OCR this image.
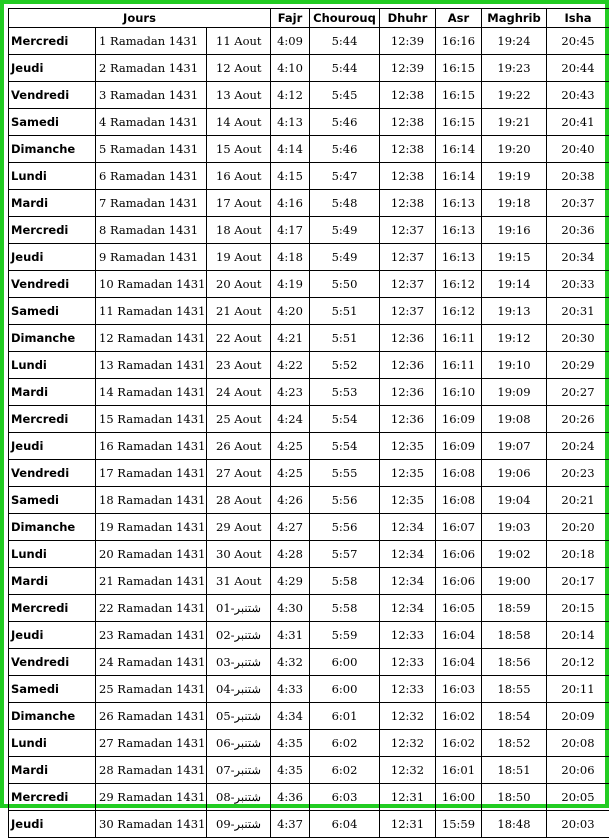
Jours			Fajr	Chourouq	Dhuhr	Asr	Maghrib	Isha
Mercredi	1 Ramadan 1431	11 Aout	4:09	5:44	12:39	16:16	19:24	20:45
Jeudi	2 Ramadan 1431	12 Aout	4:10	5:44	12:39	16:15	19:23	20:44
Vendredi	3 Ramadan 1431	13 Aout	4:12	5:45	12:38	16:15	19:22	20:43
Samedi	4 Ramadan 1431	14 Aout	4:13	5:46	12:38	16:15	19:21	20:41
Dimanche	5 Ramadan 1431	15 Aout	4:14	5:46	12:38	16:14	19:20	20:40
Lundi	6 Ramadan 1431	16 Aout	4:15	5:47	12:38	16:14	19:19	20:38
Mardi	7 Ramadan 1431	17 Aout	4:16	5:48	12:38	16:13	19:18	20:37
Mercredi	8 Ramadan 1431	18 Aout	4:17	5:49	12:37	16:13	19:16	20:36
Jeudi	9 Ramadan 1431	19 Aout	4:18	5:49	12:37	16:13	19:15	20:34
Vendredi	10 Ramadan 1431	20 Aout	4:19	5:50	12:37	16:12	19:14	20:33
Samedi	11 Ramadan 1431	21 Aout	4:20	5:51	12:37	16:12	19:13	20:31
Dimanche	12 Ramadan 1431	22 Aout	4:21	5:51	12:36	16:11	19:12	20:30
Lundi	13 Ramadan 1431	23 Aout	4:22	5:52	12:36	16:11	19:10	20:29
Mardi	14 Ramadan 1431	24 Aout	4:23	5:53	12:36	16:10	19:09	20:27
Mercredi	15 Ramadan 1431	25 Aout	4:24	5:54	12:36	16:09	19:08	20:26
Jeudi	16 Ramadan 1431	26 Aout	4:25	5:54	12:35	16:09	19:07	20:24
Vendredi	17 Ramadan 1431	27 Aout	4:25	5:55	12:35	16:08	19:06	20:23
Samedi	18 Ramadan 1431	28 Aout	4:26	5:56	12:35	16:08	19:04	20:21
Dimanche	19 Ramadan 1431	29 Aout	4:27	5:56	12:34	16:07	19:03	20:20
Lundi	20 Ramadan 1431	30 Aout	4:28	5:57	12:34	16:06	19:02	20:18
Mardi	21 Ramadan 1431	31 Aout	4:29	5:58	12:34	16:06	19:00	20:17
Mercredi	22 Ramadan 1431	شتنبر-01	4:30	5:58	12:34	16:05	18:59	20:15
Jeudi	23 Ramadan 1431	شتنبر-02	4:31	5:59	12:33	16:04	18:58	20:14
Vendredi	24 Ramadan 1431	شتنبر-03	4:32	6:00	12:33	16:04	18:56	20:12
Samedi	25 Ramadan 1431	شتنبر-04	4:33	6:00	12:33	16:03	18:55	20:11
Dimanche	26 Ramadan 1431	شتنبر-05	4:34	6:01	12:32	16:02	18:54	20:09
Lundi	27 Ramadan 1431	شتنبر-06	4:35	6:02	12:32	16:02	18:52	20:08
Mardi	28 Ramadan 1431	شتنبر-07	4:35	6:02	12:32	16:01	18:51	20:06
Mercredi	29 Ramadan 1431	شتنبر-08	4:36	6:03	12:31	16:00	18:50	20:05
Jeudi	30 Ramadan 1431	شتنبر-09	4:37	6:04	12:31	15:59	18:48	20:03
